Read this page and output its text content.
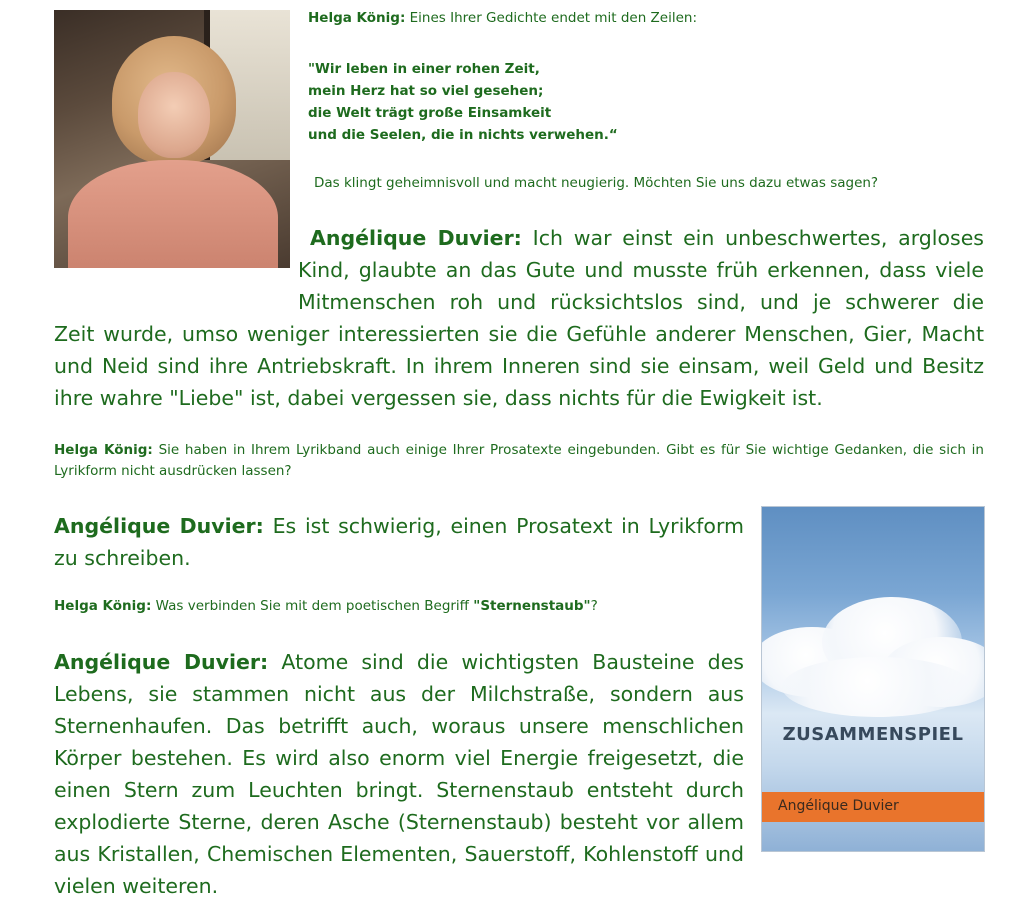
Helga König: Eines Ihrer Gedichte endet mit den Zeilen:
"Wir leben in einer rohen Zeit,
mein Herz hat so viel gesehen;
die Welt trägt große Einsamkeit
und die Seelen, die in nichts verwehen.“
Das klingt geheimnisvoll und macht neugierig. Möchten Sie uns dazu etwas sagen?
Angélique Duvier: Ich war einst ein unbeschwertes, argloses
Kind, glaubte an das Gute und musste früh erkennen, dass viele
Mitmenschen roh und rücksichtslos sind, und je schwerer die
Zeit wurde, umso weniger interessierten sie die Gefühle anderer Menschen, Gier, Macht
und Neid sind ihre Antriebskraft. In ihrem Inneren sind sie einsam, weil Geld und Besitz
ihre wahre "Liebe" ist, dabei vergessen sie, dass nichts für die Ewigkeit ist.
Helga König: Sie haben in Ihrem Lyrikband auch einige Ihrer Prosatexte eingebunden. Gibt es für Sie wichtige Gedanken, die sich in Lyrikform nicht ausdrücken lassen?
Angélique Duvier: Es ist schwierig, einen Prosatext in Lyrikform zu schreiben.
Helga König: Was verbinden Sie mit dem poetischen Begriff "Sternenstaub"?
Angélique Duvier: Atome sind die wichtigsten Bausteine des Lebens, sie stammen nicht aus der Milchstraße, sondern aus Sternenhaufen. Das betrifft auch, woraus unsere menschlichen Körper bestehen. Es wird also enorm viel Energie freigesetzt, die einen Stern zum Leuchten bringt. Sternenstaub entsteht durch explodierte Sterne, deren Asche (Sternenstaub) besteht vor allem aus Kristallen, Chemischen Elementen, Sauerstoff, Kohlenstoff und vielen weiteren.
ZUSAMMENSPIEL
Angélique Duvier
